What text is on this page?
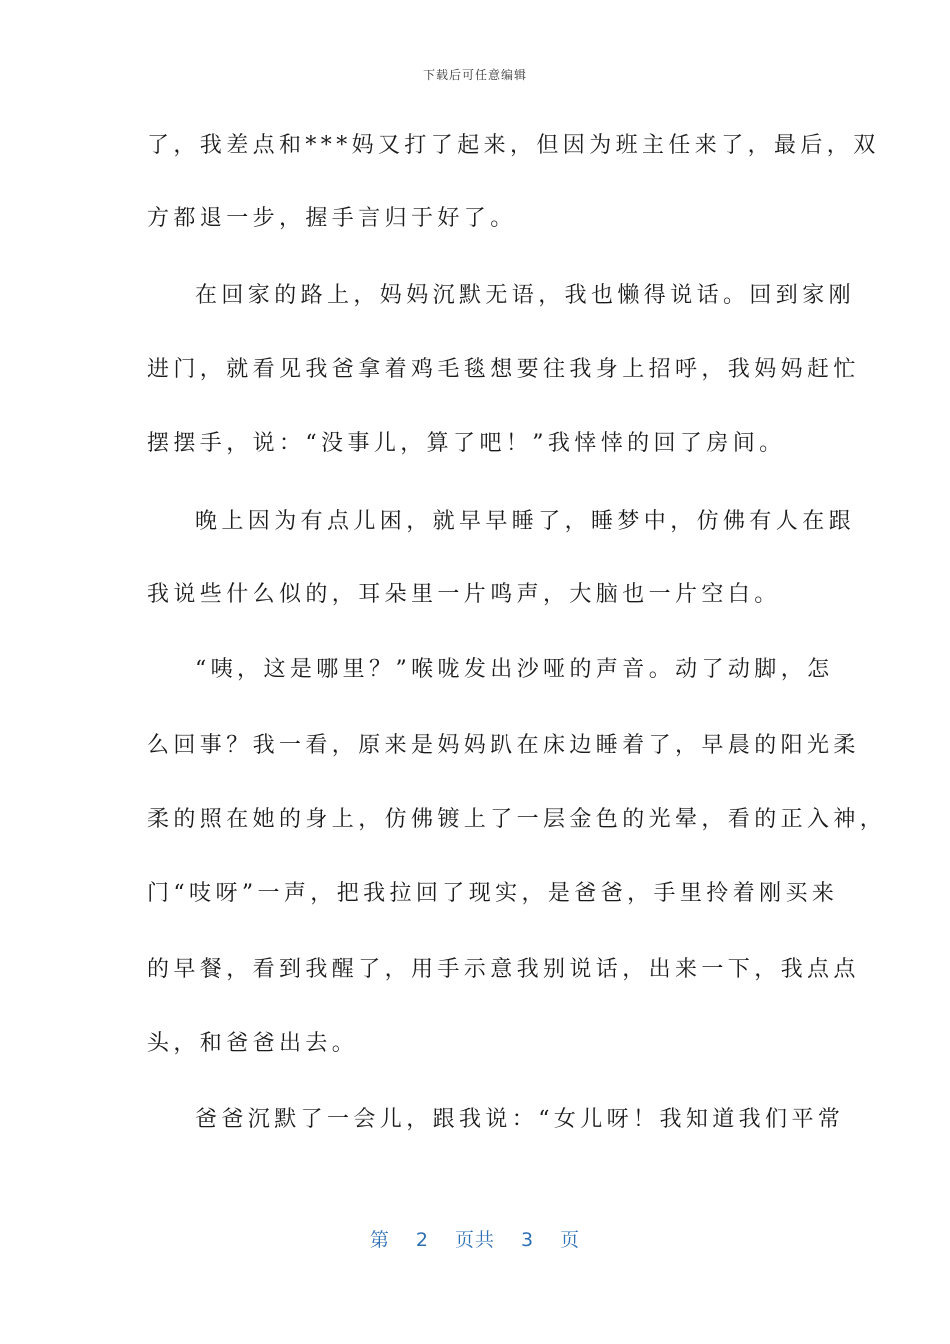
下载后可任意编辑
了，我差点和***妈又打了起来，但因为班主任来了，最后，双
方都退一步，握手言归于好了。
在回家的路上，妈妈沉默无语，我也懒得说话。回到家刚
进门，就看见我爸拿着鸡毛毯想要往我身上招呼，我妈妈赶忙
摆摆手，说：“没事儿，算了吧！”我悻悻的回了房间。
晚上因为有点儿困，就早早睡了，睡梦中，仿佛有人在跟
我说些什么似的，耳朵里一片鸣声，大脑也一片空白。
“咦，这是哪里？”喉咙发出沙哑的声音。动了动脚，怎
么回事？我一看，原来是妈妈趴在床边睡着了，早晨的阳光柔
柔的照在她的身上，仿佛镀上了一层金色的光晕，看的正入神，
门“吱呀”一声，把我拉回了现实，是爸爸，手里拎着刚买来
的早餐，看到我醒了，用手示意我别说话，出来一下，我点点
头，和爸爸出去。
爸爸沉默了一会儿，跟我说：“女儿呀！我知道我们平常
第 2 页共 3 页
